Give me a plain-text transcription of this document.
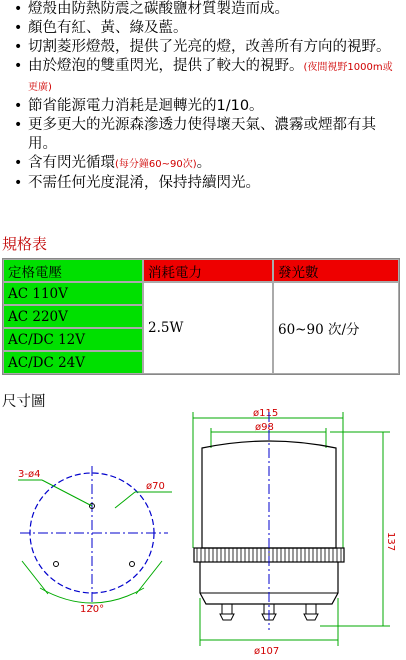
• 燈殼由防熱防震之碳酸鹽材質製造而成。
• 顏色有紅、黃、綠及藍。
• 切割菱形燈殼，提供了光亮的燈，改善所有方向的視野。
• 由於燈泡的雙重閃光，提供了較大的視野。(夜間視野1000m或更廣)
• 節省能源電力消耗是迴轉光的1/10。
• 更多更大的光源森滲透力使得壞天氣、濃霧或煙都有其用。
• 含有閃光循環(每分鐘60~90次)。
• 不需任何光度混淆，保持持續閃光。
規格表
定格電壓	消耗電力	發光數
AC 110V	2.5W	60~90 次/分
AC 220V		
AC/DC 12V		
AC/DC 24V		
尺寸圖
3-ø4
ø70
120°
ø115
ø98
137
ø107
